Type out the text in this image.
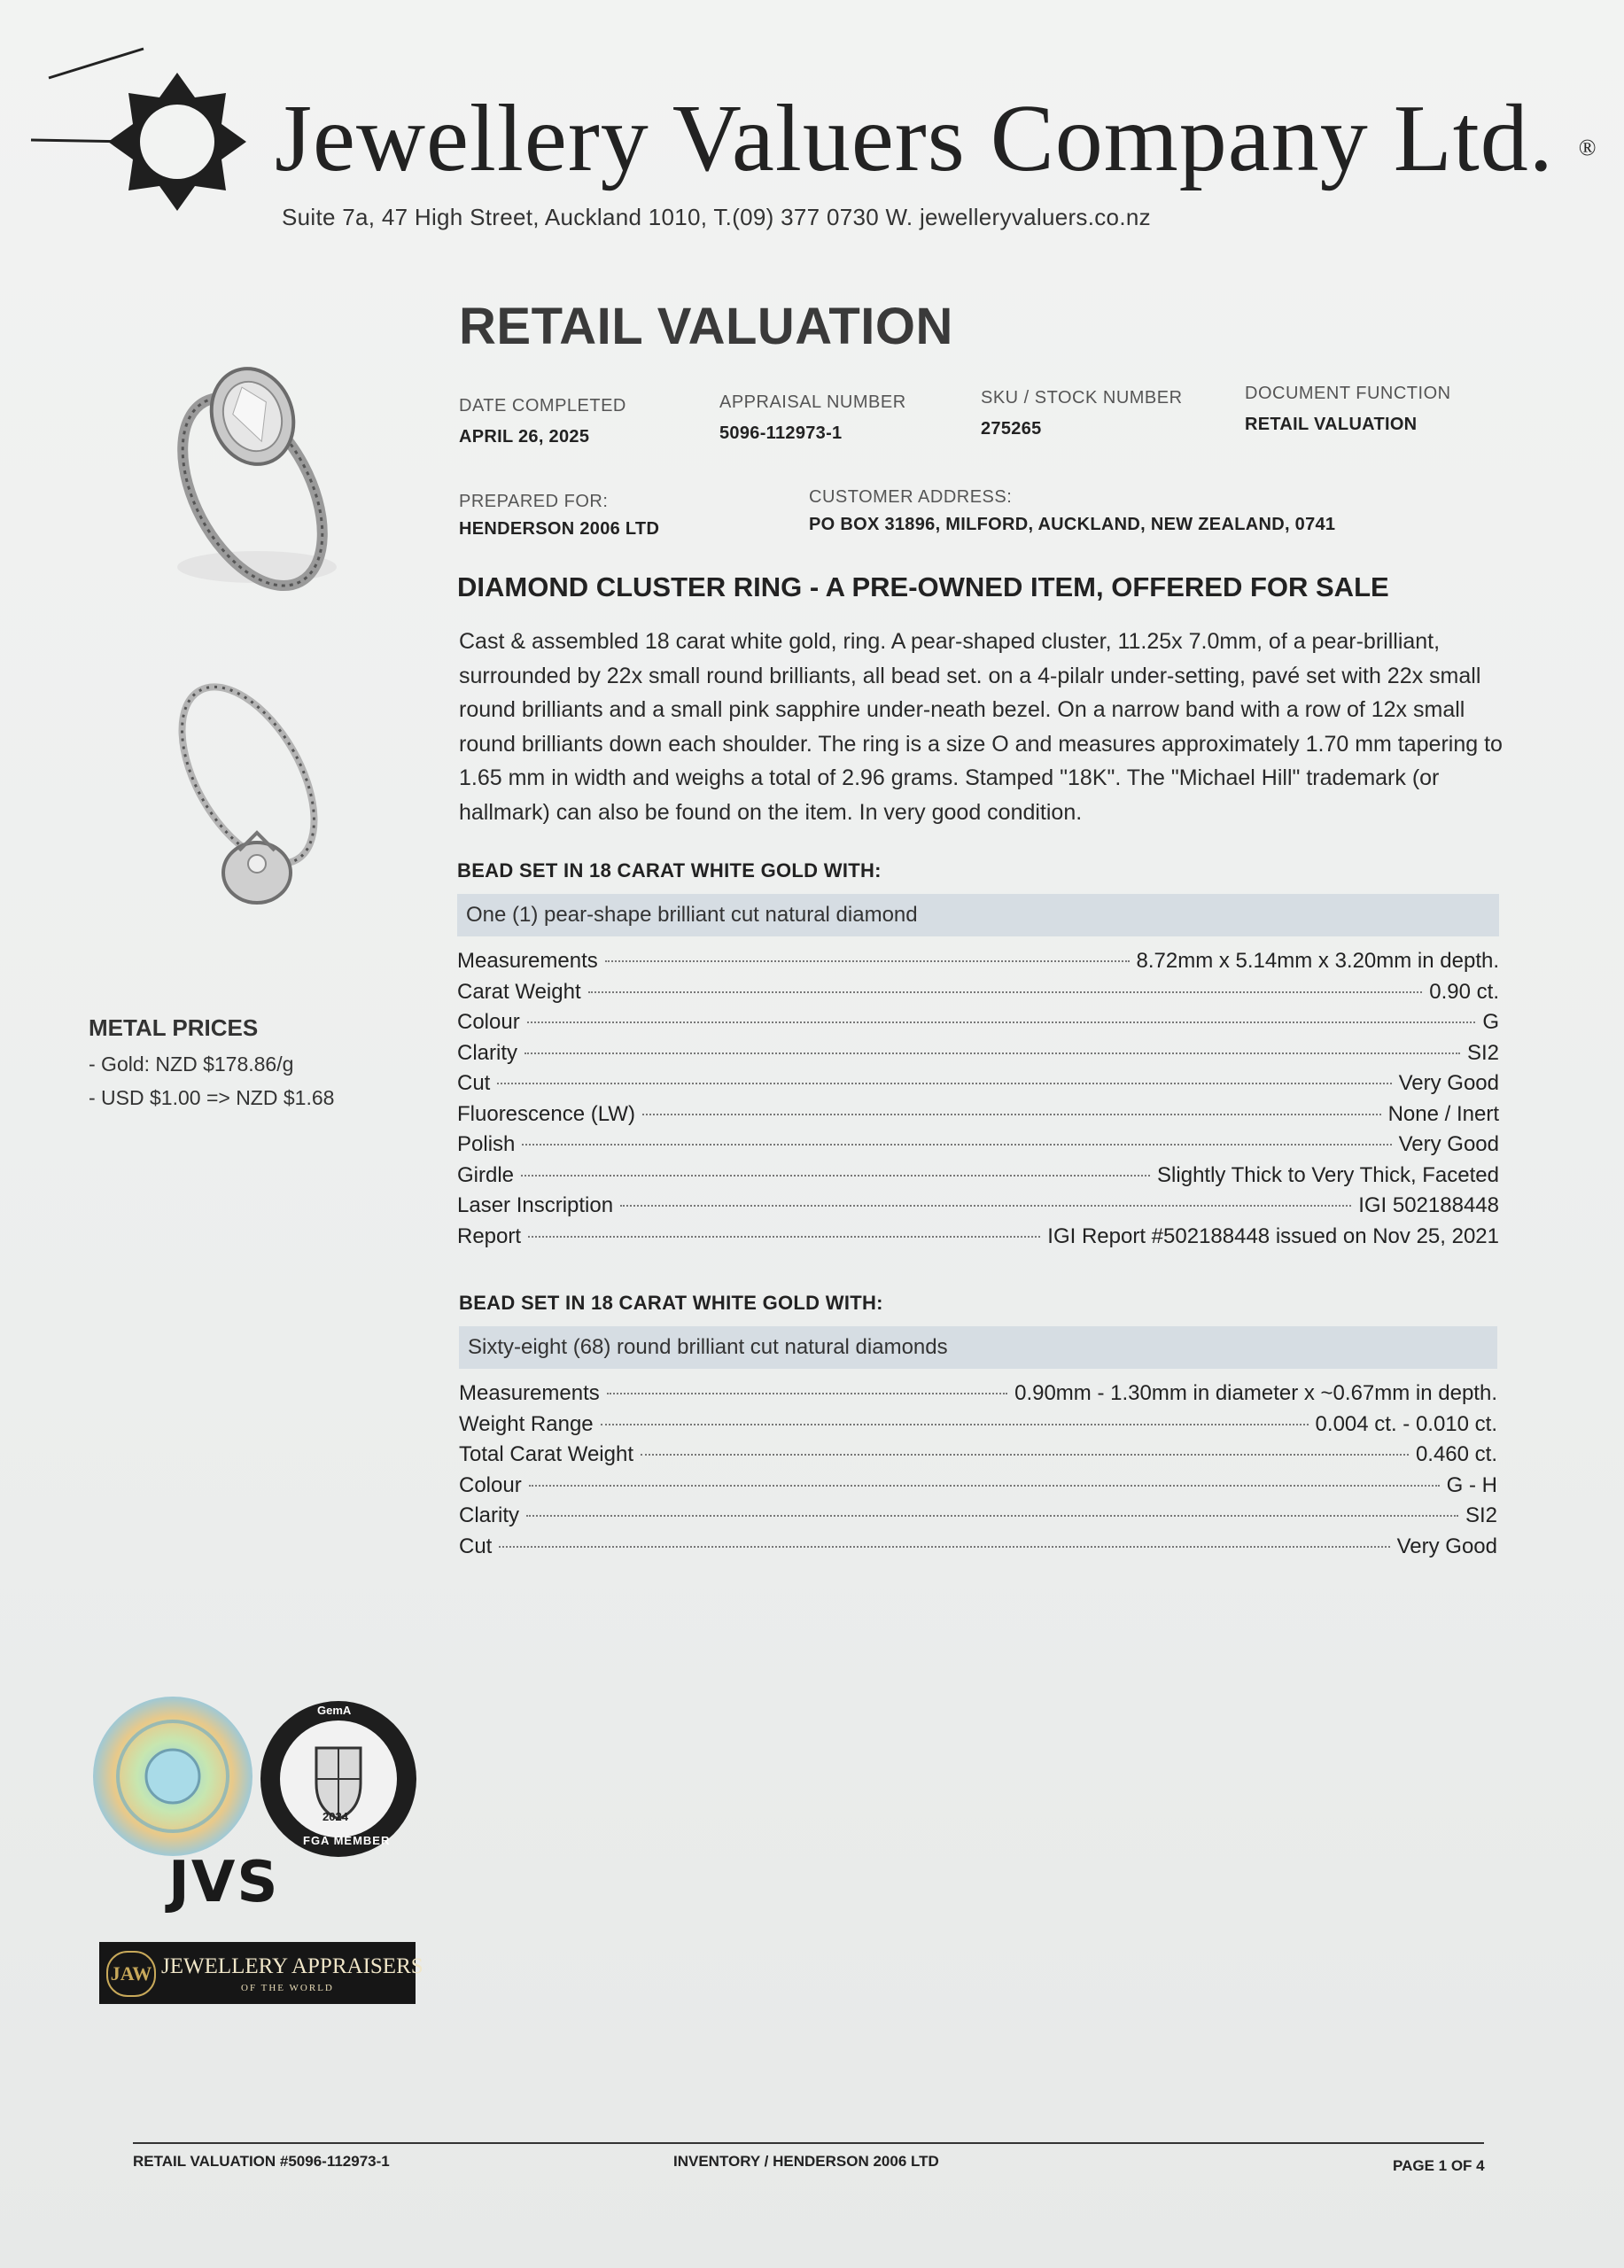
Jewellery Valuers Company Ltd. ®
Suite 7a, 47 High Street, Auckland 1010, T.(09) 377 0730 W. jewelleryvaluers.co.nz
RETAIL VALUATION
DATE COMPLETED
APRIL 26, 2025
APPRAISAL NUMBER
5096-112973-1
SKU / STOCK NUMBER
275265
DOCUMENT FUNCTION
RETAIL VALUATION
PREPARED FOR:
HENDERSON 2006 LTD
CUSTOMER ADDRESS:
PO BOX 31896, MILFORD, AUCKLAND, NEW ZEALAND, 0741
DIAMOND CLUSTER RING - A PRE-OWNED ITEM, OFFERED FOR SALE
Cast & assembled 18 carat white gold, ring. A pear-shaped cluster, 11.25x 7.0mm, of a pear-brilliant, surrounded by 22x small round brilliants, all bead set. on a 4-pilalr under-setting, pavé set with 22x small round brilliants and a small pink sapphire under-neath bezel. On a narrow band with a row of 12x small round brilliants down each shoulder. The ring is a size O and measures approximately 1.70 mm tapering to 1.65 mm in width and weighs a total of 2.96 grams. Stamped "18K". The "Michael Hill" trademark (or hallmark) can also be found on the item. In very good condition.
BEAD SET IN 18 CARAT WHITE GOLD WITH:
One (1) pear-shape brilliant cut natural diamond
Measurements	8.72mm x 5.14mm x 3.20mm in depth.
Carat Weight	0.90 ct.
Colour	G
Clarity	SI2
Cut	Very Good
Fluorescence (LW)	None / Inert
Polish	Very Good
Girdle	Slightly Thick to Very Thick, Faceted
Laser Inscription	IGI 502188448
Report	IGI Report #502188448 issued on Nov 25, 2021
BEAD SET IN 18 CARAT WHITE GOLD WITH:
Sixty-eight (68) round brilliant cut natural diamonds
Measurements	0.90mm - 1.30mm in diameter x ~0.67mm in depth.
Weight Range	0.004 ct. - 0.010 ct.
Total Carat Weight	0.460 ct.
Colour	G - H
Clarity	SI2
Cut	Very Good
METAL PRICES
- Gold: NZD $178.86/g
- USD $1.00 => NZD $1.68
GemA
2024
FGA MEMBER
JVS
JAW JEWELLERY APPRAISERS
OF THE WORLD
RETAIL VALUATION #5096-112973-1	INVENTORY / HENDERSON 2006 LTD	PAGE 1 OF 4
